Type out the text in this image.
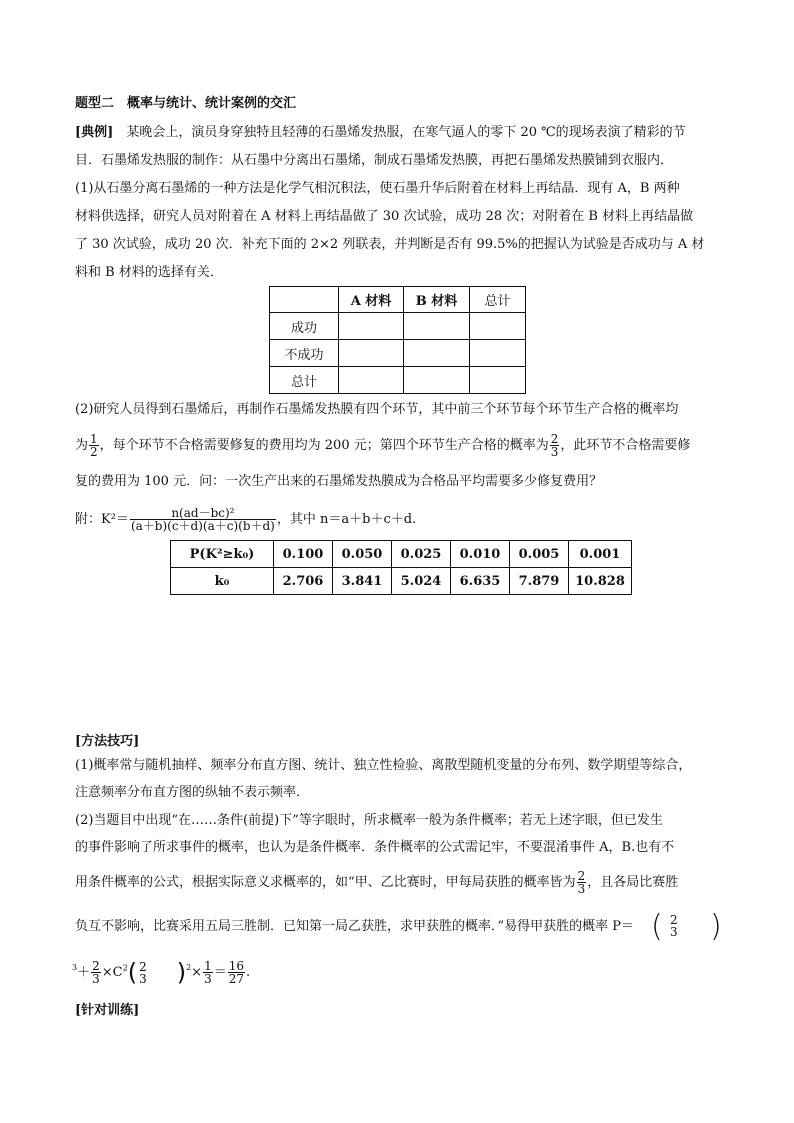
题型二　概率与统计、统计案例的交汇
[典例]　某晚会上，演员身穿独特且轻薄的石墨烯发热服，在寒气逼人的零下 20 ℃的现场表演了精彩的节
目．石墨烯发热服的制作：从石墨中分离出石墨烯，制成石墨烯发热膜，再把石墨烯发热膜铺到衣服内．
(1)从石墨分离石墨烯的一种方法是化学气相沉积法，使石墨升华后附着在材料上再结晶．现有 A，B 两种
材料供选择，研究人员对附着在 A 材料上再结晶做了 30 次试验，成功 28 次；对附着在 B 材料上再结晶做
了 30 次试验，成功 20 次．补充下面的 2×2 列联表，并判断是否有 99.5%的把握认为试验是否成功与 A 材
料和 B 材料的选择有关．
	A 材料	B 材料	总计
成功			
不成功			
总计			
(2)研究人员得到石墨烯后，再制作石墨烯发热膜有四个环节，其中前三个环节每个环节生产合格的概率均
为 $\frac{1}{2}$ ，每个环节不合格需要修复的费用均为 200 元；第四个环节生产合格的概率为 $\frac{2}{3}$ ，此环节不合格需要修
复的费用为 100 元．问：一次生产出来的石墨烯发热膜成为合格品平均需要多少修复费用？
附：$K^2= \frac{\text{n(ad－bc)²}}{(a+b)(c+d)(a+c)(b+d)}$ ，其中 n＝a＋b＋c＋d.
P(K²≥k₀)	0.100	0.050	0.025	0.010	0.005	0.001
k₀	2.706	3.841	5.024	6.635	7.879	10.828
[方法技巧]
(1)概率常与随机抽样、频率分布直方图、统计、独立性检验、离散型随机变量的分布列、数学期望等综合，
注意频率分布直方图的纵轴不表示频率．
(2)当题目中出现“在……条件(前提)下”等字眼时，所求概率一般为条件概率；若无上述字眼，但已发生
的事件影响了所求事件的概率，也认为是条件概率．条件概率的公式需记牢，不要混淆事件 A，B.也有不
用条件概率的公式，根据实际意义求概率的，如“甲、乙比赛时，甲每局获胜的概率皆为 $\frac{2}{3}$ ，且各局比赛胜
负互不影响，比赛采用五局三胜制．已知第一局乙获胜，求甲获胜的概率．”易得甲获胜的概率 P＝ ( 2
3 )
$^3+ \frac{2}{3} \times C^2$( 2
3 )$^2\times \frac{1}{3} = \frac{16}{27}$ .
[针对训练]
